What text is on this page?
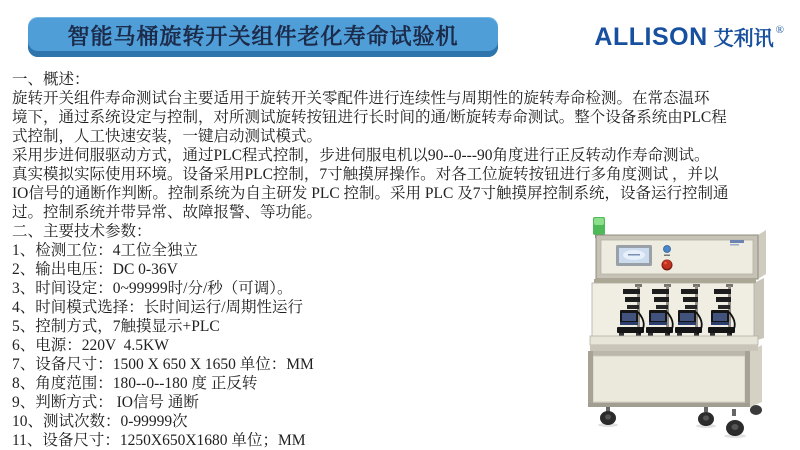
智能马桶旋转开关组件老化寿命试验机	ALLISON 艾利讯 ®
一、概述：
旋转开关组件寿命测试台主要适用于旋转开关零配件进行连续性与周期性的旋转寿命检测。在常态温环
境下，通过系统设定与控制，对所测试旋转按钮进行长时间的通/断旋转寿命测试。整个设备系统由PLC程
式控制，人工快速安装，一键启动测试模式。
采用步进伺服驱动方式，通过PLC程式控制，步进伺服电机以90--0---90角度进行正反转动作寿命测试。
真实模拟实际使用环境。设备采用PLC控制，7寸触摸屏操作。对各工位旋转按钮进行多角度测试 ，并以
IO信号的通断作判断。控制系统为自主研发 PLC 控制。采用 PLC 及7寸触摸屏控制系统，设备运行控制通
过。控制系统并带异常、故障报警、等功能。
二、主要技术参数：
1、检测工位：4工位全独立
2、输出电压：DC 0-36V
3、时间设定：0~99999时/分/秒（可调）。
4、时间模式选择：长时间运行/周期性运行
5、控制方式，7触摸显示+PLC
6、电源：220V  4.5KW
7、设备尺寸：1500 X 650 X 1650 单位：MM
8、角度范围：180--0--180 度 正反转
9、判断方式： IO信号 通断
10、测试次数：0-99999次
11、设备尺寸：1250X650X1680 单位；MM
